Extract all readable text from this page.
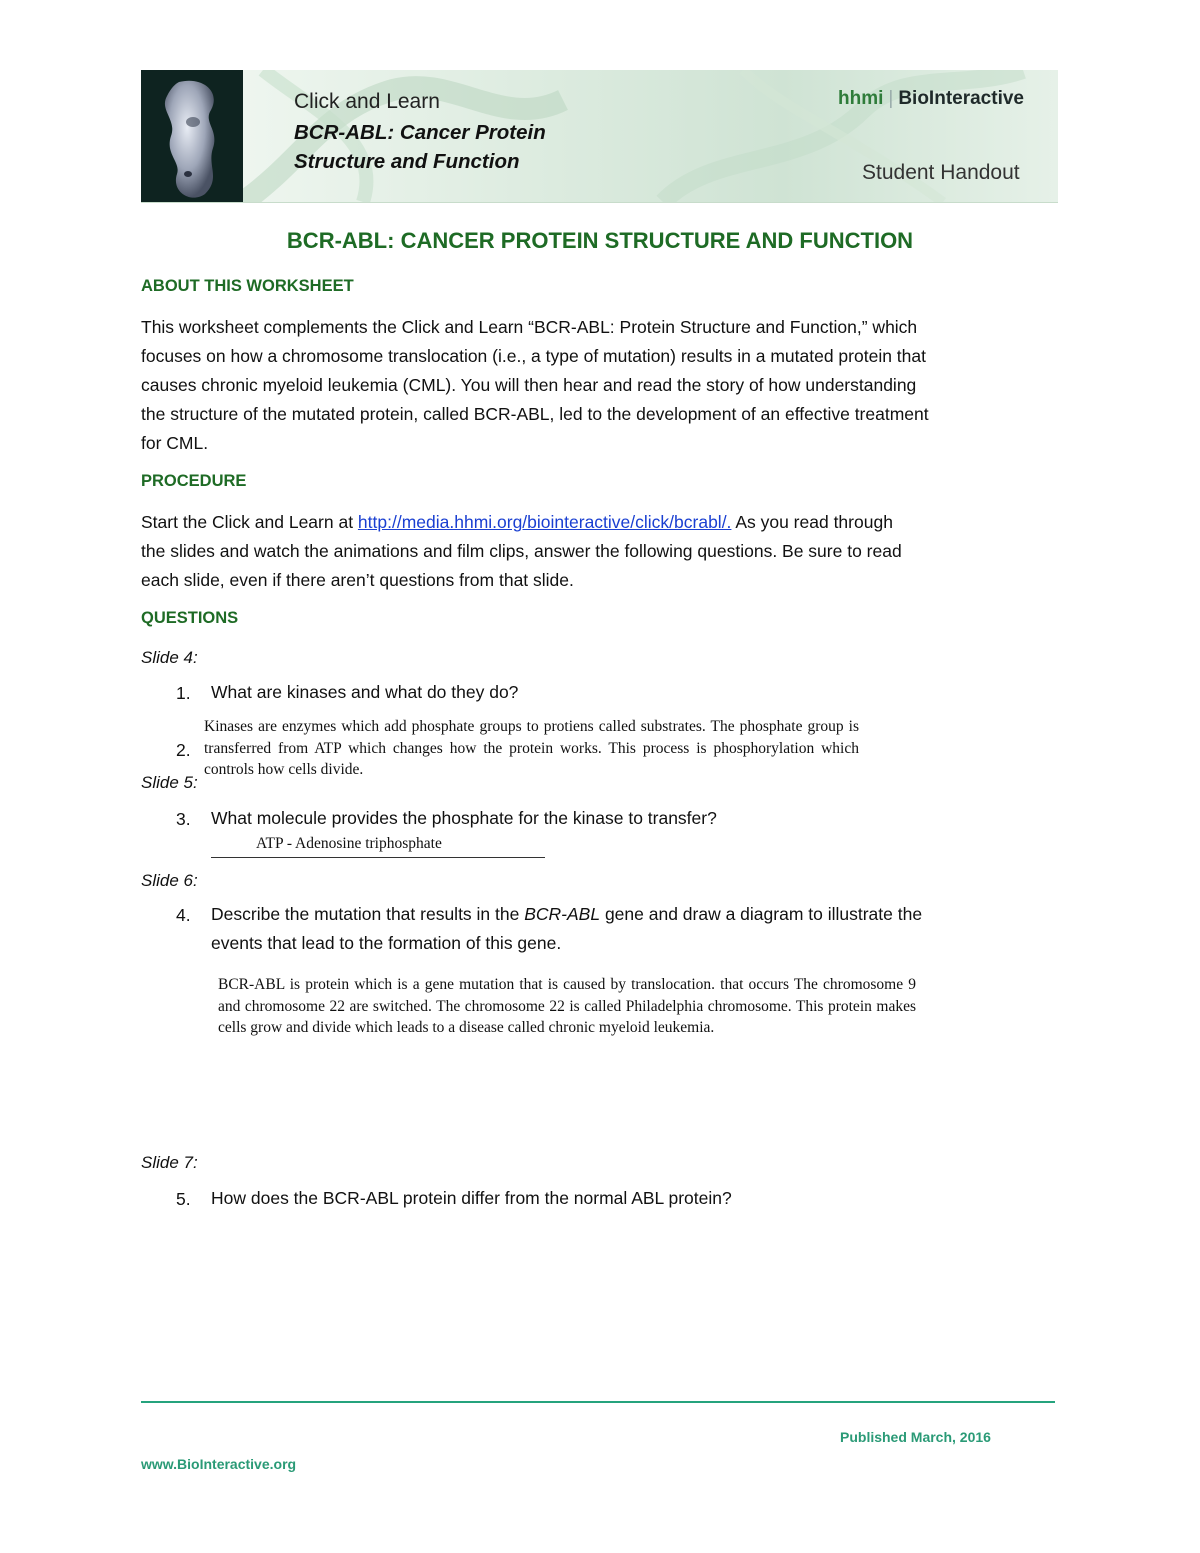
Click and Learn
BCR-ABL: Cancer Protein
Structure and Function
hhmi | BioInteractive
Student Handout
BCR-ABL: CANCER PROTEIN STRUCTURE AND FUNCTION
ABOUT THIS WORKSHEET
This worksheet complements the Click and Learn “BCR-ABL: Protein Structure and Function,” which
focuses on how a chromosome translocation (i.e., a type of mutation) results in a mutated protein that
causes chronic myeloid leukemia (CML). You will then hear and read the story of how understanding
the structure of the mutated protein, called BCR-ABL, led to the development of an effective treatment
for CML.
PROCEDURE
Start the Click and Learn at http://media.hhmi.org/biointeractive/click/bcrabl/. As you read through
the slides and watch the animations and film clips, answer the following questions. Be sure to read
each slide, even if there aren’t questions from that slide.
QUESTIONS
Slide 4:
1. What are kinases and what do they do?
Kinases are enzymes which add phosphate groups to protiens called substrates. The phosphate group is transferred from ATP which changes how the protein works. This process is phosphorylation which controls how cells divide.
2.
Slide 5:
3. What molecule provides the phosphate for the kinase to transfer?
ATP - Adenosine triphosphate
Slide 6:
4. Describe the mutation that results in the BCR-ABL gene and draw a diagram to illustrate the
events that lead to the formation of this gene.
BCR-ABL is protein which is a gene mutation that is caused by translocation. that occurs The chromosome 9 and chromosome 22 are switched. The chromosome 22 is called Philadelphia chromosome. This protein makes cells grow and divide which leads to a disease called chronic myeloid leukemia.
Slide 7:
5. How does the BCR-ABL protein differ from the normal ABL protein?
Published March, 2016
www.BioInteractive.org
